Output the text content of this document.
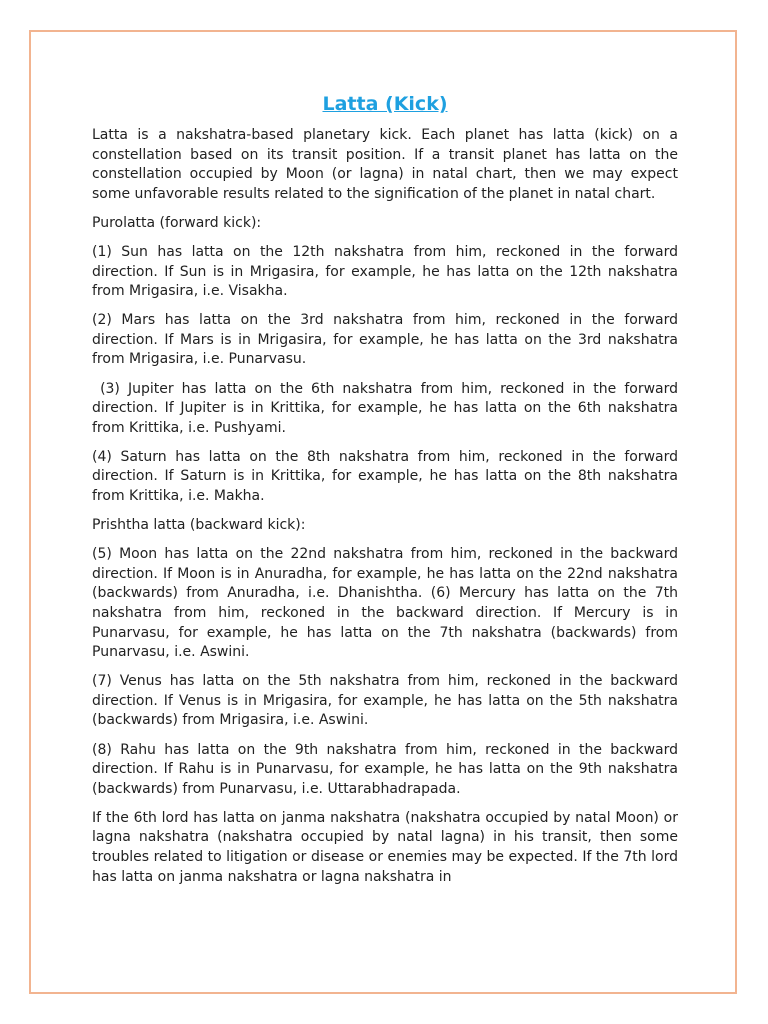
Latta (Kick)

Latta is a nakshatra-based planetary kick. Each planet has latta (kick) on a constellation based on its transit position. If a transit planet has latta on the constellation occupied by Moon (or lagna) in natal chart, then we may expect some unfavorable results related to the signification of the planet in natal chart.

Purolatta (forward kick):

(1) Sun has latta on the 12th nakshatra from him, reckoned in the forward direction. If Sun is in Mrigasira, for example, he has latta on the 12th nakshatra from Mrigasira, i.e. Visakha.

(2) Mars has latta on the 3rd nakshatra from him, reckoned in the forward direction. If Mars is in Mrigasira, for example, he has latta on the 3rd nakshatra from Mrigasira, i.e. Punarvasu.

(3) Jupiter has latta on the 6th nakshatra from him, reckoned in the forward direction. If Jupiter is in Krittika, for example, he has latta on the 6th nakshatra from Krittika, i.e. Pushyami.

(4) Saturn has latta on the 8th nakshatra from him, reckoned in the forward direction. If Saturn is in Krittika, for example, he has latta on the 8th nakshatra from Krittika, i.e. Makha.

Prishtha latta (backward kick):

(5) Moon has latta on the 22nd nakshatra from him, reckoned in the backward direction. If Moon is in Anuradha, for example, he has latta on the 22nd nakshatra (backwards) from Anuradha, i.e. Dhanishtha. (6) Mercury has latta on the 7th nakshatra from him, reckoned in the backward direction. If Mercury is in Punarvasu, for example, he has latta on the 7th nakshatra (backwards) from Punarvasu, i.e. Aswini.

(7) Venus has latta on the 5th nakshatra from him, reckoned in the backward direction. If Venus is in Mrigasira, for example, he has latta on the 5th nakshatra (backwards) from Mrigasira, i.e. Aswini.

(8) Rahu has latta on the 9th nakshatra from him, reckoned in the backward direction. If Rahu is in Punarvasu, for example, he has latta on the 9th nakshatra (backwards) from Punarvasu, i.e. Uttarabhadrapada.

If the 6th lord has latta on janma nakshatra (nakshatra occupied by natal Moon) or lagna nakshatra (nakshatra occupied by natal lagna) in his transit, then some troubles related to litigation or disease or enemies may be expected. If the 7th lord has latta on janma nakshatra or lagna nakshatra in
